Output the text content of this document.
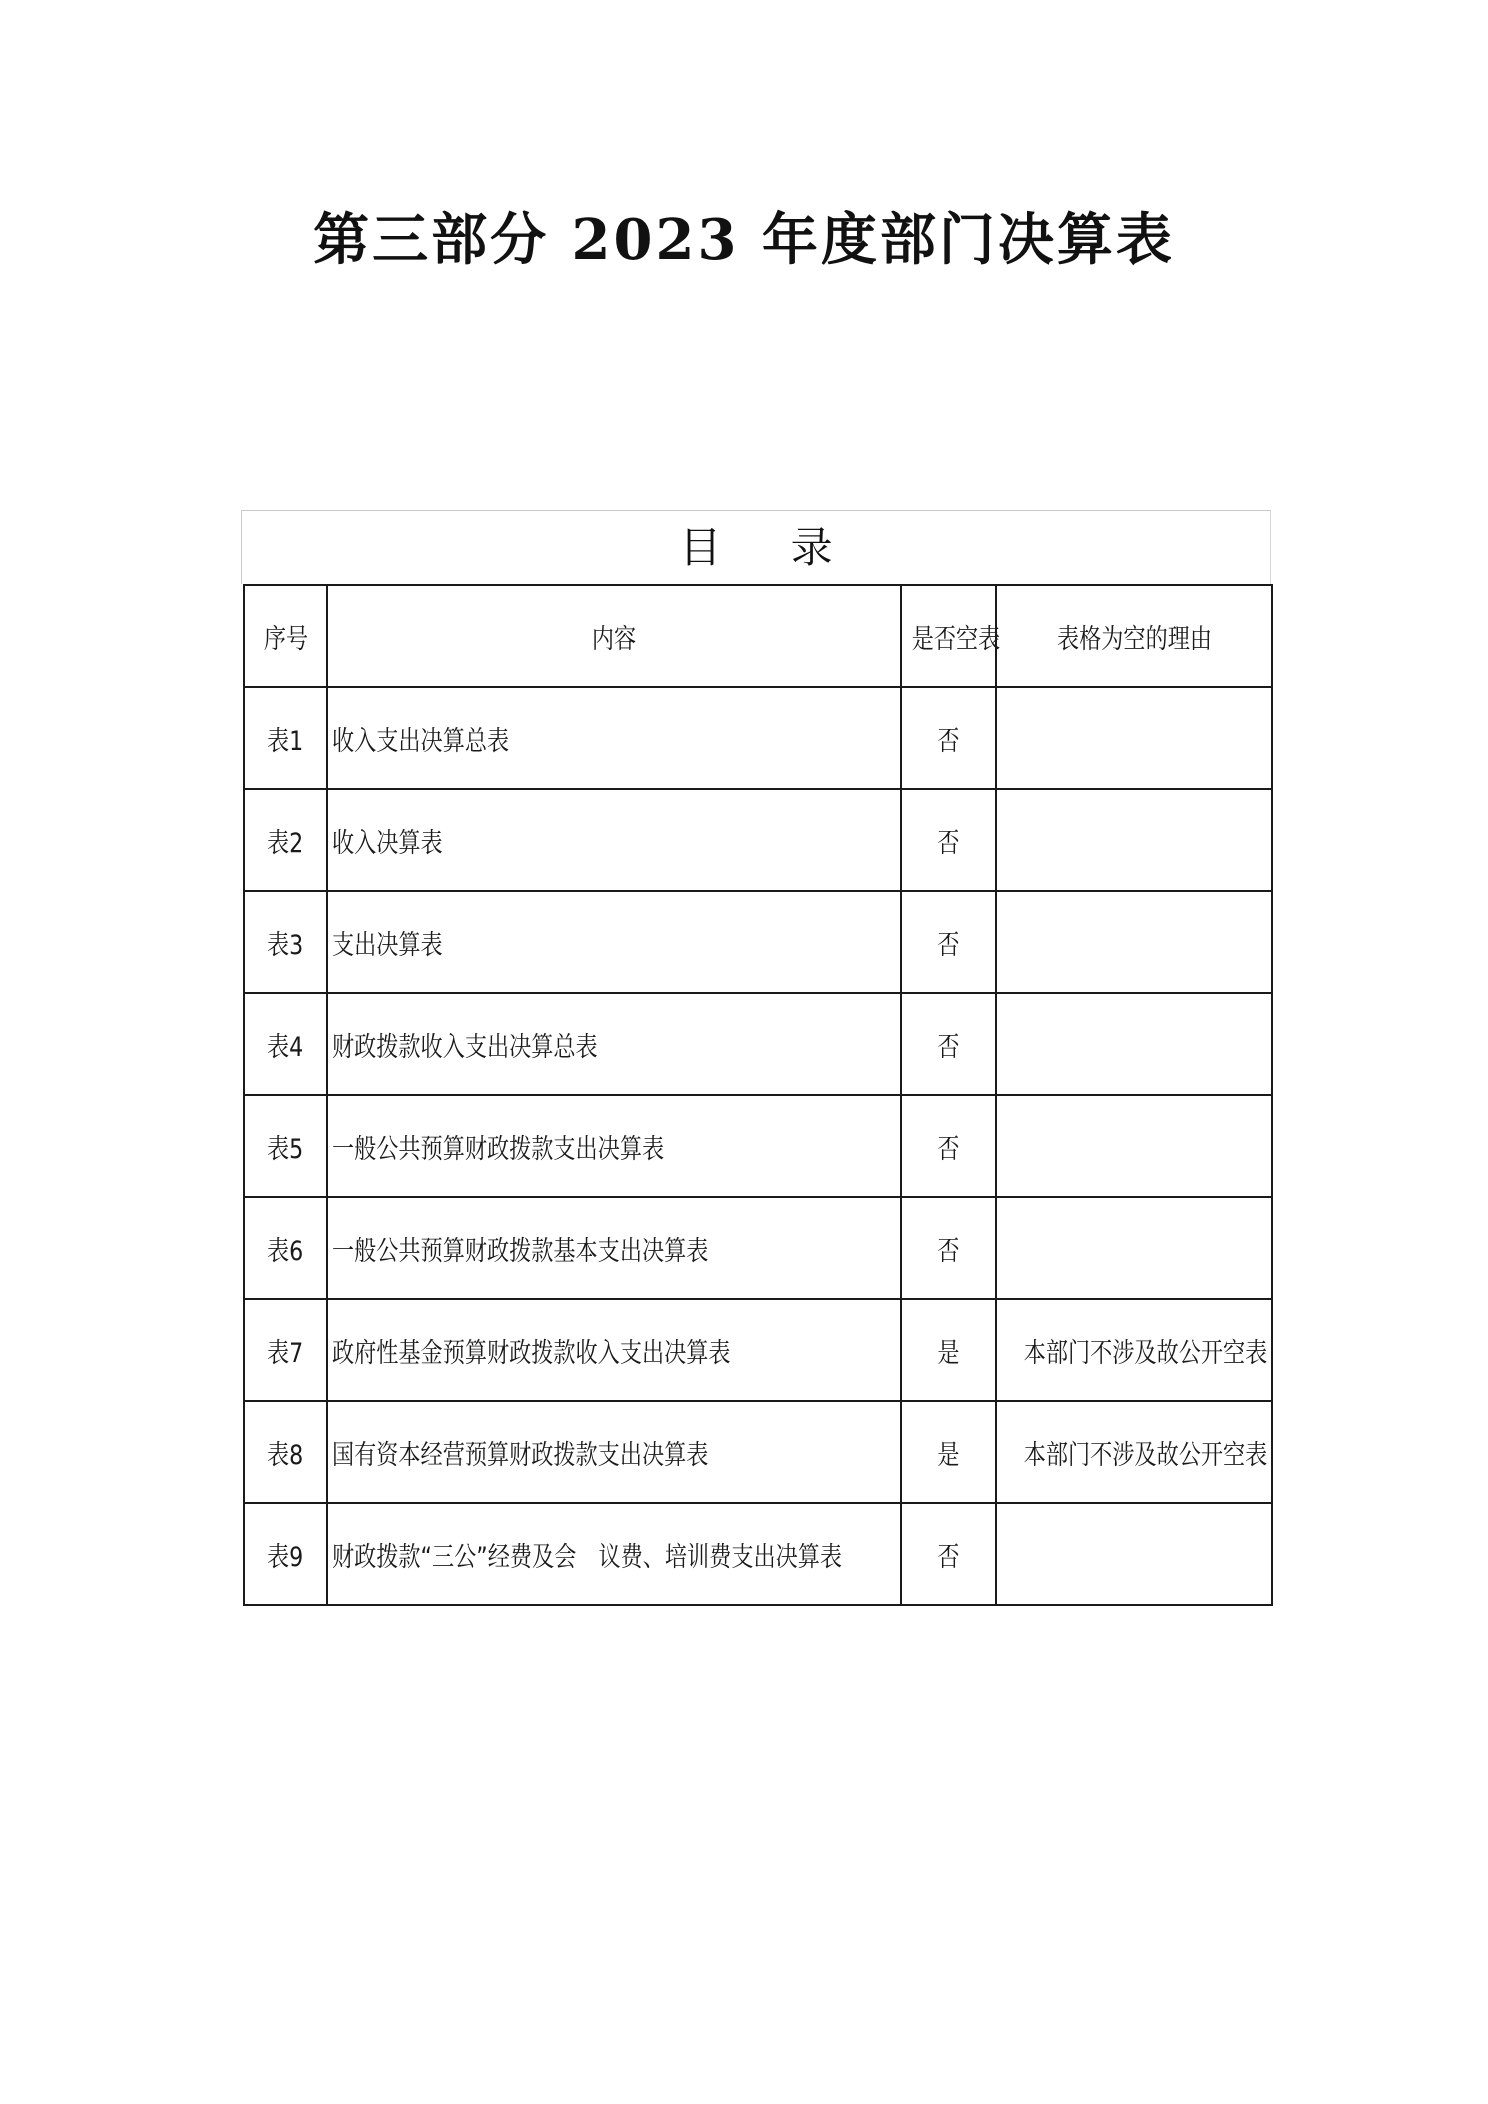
第三部分 2023 年度部门决算表
目 录
序号	内容	是否空表	表格为空的理由
表1	收入支出决算总表	否	
表2	收入决算表	否	
表3	支出决算表	否	
表4	财政拨款收入支出决算总表	否	
表5	一般公共预算财政拨款支出决算表	否	
表6	一般公共预算财政拨款基本支出决算表	否	
表7	政府性基金预算财政拨款收入支出决算表	是	本部门不涉及故公开空表
表8	国有资本经营预算财政拨款支出决算表	是	本部门不涉及故公开空表
表9	财政拨款“三公”经费及会　议费、培训费支出决算表	否	
